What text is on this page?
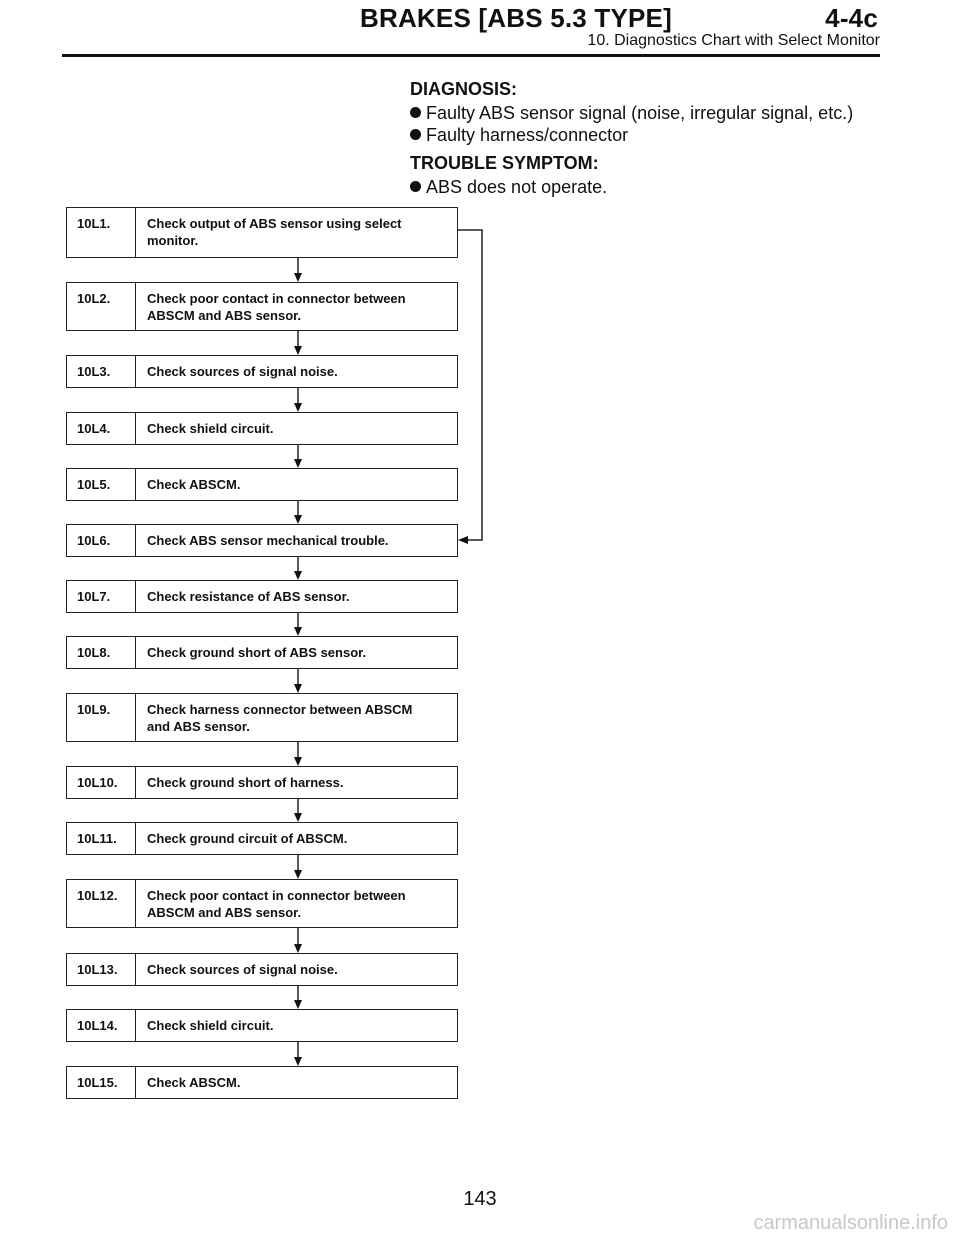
BRAKES [ABS 5.3 TYPE]	4-4c
10. Diagnostics Chart with Select Monitor
DIAGNOSIS:
Faulty ABS sensor signal (noise, irregular signal, etc.)
Faulty harness/connector
TROUBLE SYMPTOM:
ABS does not operate.
10L1.	Check output of ABS sensor using select
monitor.
10L2.	Check poor contact in connector between
ABSCM and ABS sensor.
10L3.	Check sources of signal noise.
10L4.	Check shield circuit.
10L5.	Check ABSCM.
10L6.	Check ABS sensor mechanical trouble.
10L7.	Check resistance of ABS sensor.
10L8.	Check ground short of ABS sensor.
10L9.	Check harness connector between ABSCM
and ABS sensor.
10L10. Check ground short of harness.
10L11. Check ground circuit of ABSCM.
10L12. Check poor contact in connector between
ABSCM and ABS sensor.
10L13. Check sources of signal noise.
10L14. Check shield circuit.
10L15. Check ABSCM.
143
carmanualsonline.info
